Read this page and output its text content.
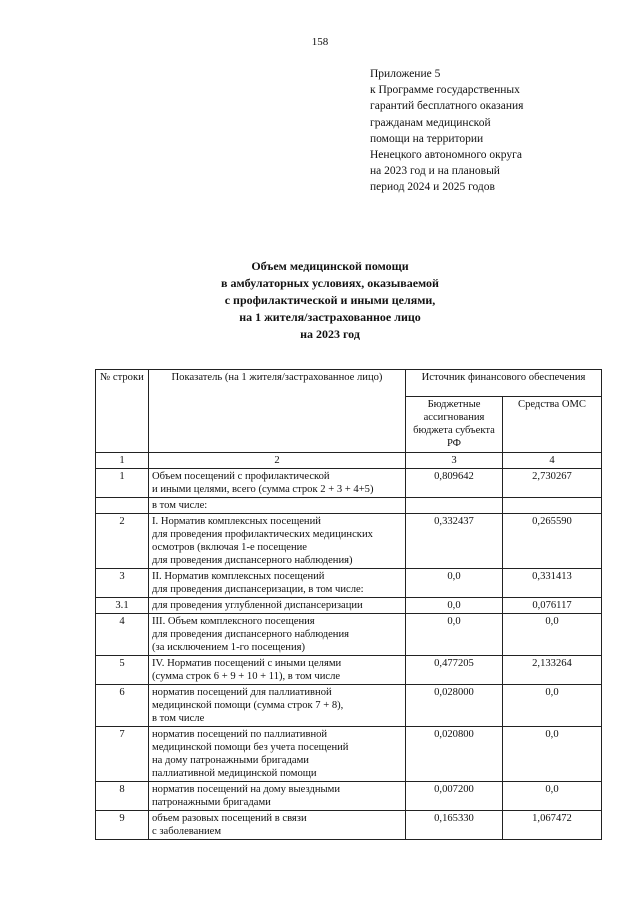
158
Приложение 5
к Программе государственных
гарантий бесплатного оказания
гражданам медицинской
помощи на территории
Ненецкого автономного округа
на 2023 год и на плановый
период 2024 и 2025 годов
Объем медицинской помощи
в амбулаторных условиях, оказываемой
с профилактической и иными целями,
на 1 жителя/застрахованное лицо
на 2023 год
№ строки	Показатель (на 1 жителя/застрахованное лицо)	Источник финансового обеспечения	
		Бюджетные ассигнования бюджета субъекта РФ	Средства ОМС
1	2	3	4
1	Объем посещений с профилактической
и иными целями, всего (сумма строк 2 + 3 + 4+5)	0,809642	2,730267

	в том числе:		

2	I. Норматив комплексных посещений
для проведения профилактических медицинских
осмотров (включая 1-е посещение
для проведения диспансерного наблюдения)	0,332437	0,265590
3	II. Норматив комплексных посещений
для проведения диспансеризации, в том числе:	0,0	0,331413
3.1	для проведения углубленной диспансеризации	0,0	0,076117
4	III. Объем комплексного посещения
для проведения диспансерного наблюдения
(за исключением 1-го посещения)	0,0	0,0
5	IV. Норматив посещений с иными целями
(сумма строк 6 + 9 + 10 + 11), в том числе	0,477205	2,133264
6	норматив посещений для паллиативной
медицинской помощи (сумма строк 7 + 8),
в том числе	0,028000	0,0
7	норматив посещений по паллиативной
медицинской помощи без учета посещений
на дому патронажными бригадами
паллиативной медицинской помощи	0,020800	0,0
8	норматив посещений на дому выездными
патронажными бригадами	0,007200	0,0
9	объем разовых посещений в связи
с заболеванием	0,165330	1,067472
